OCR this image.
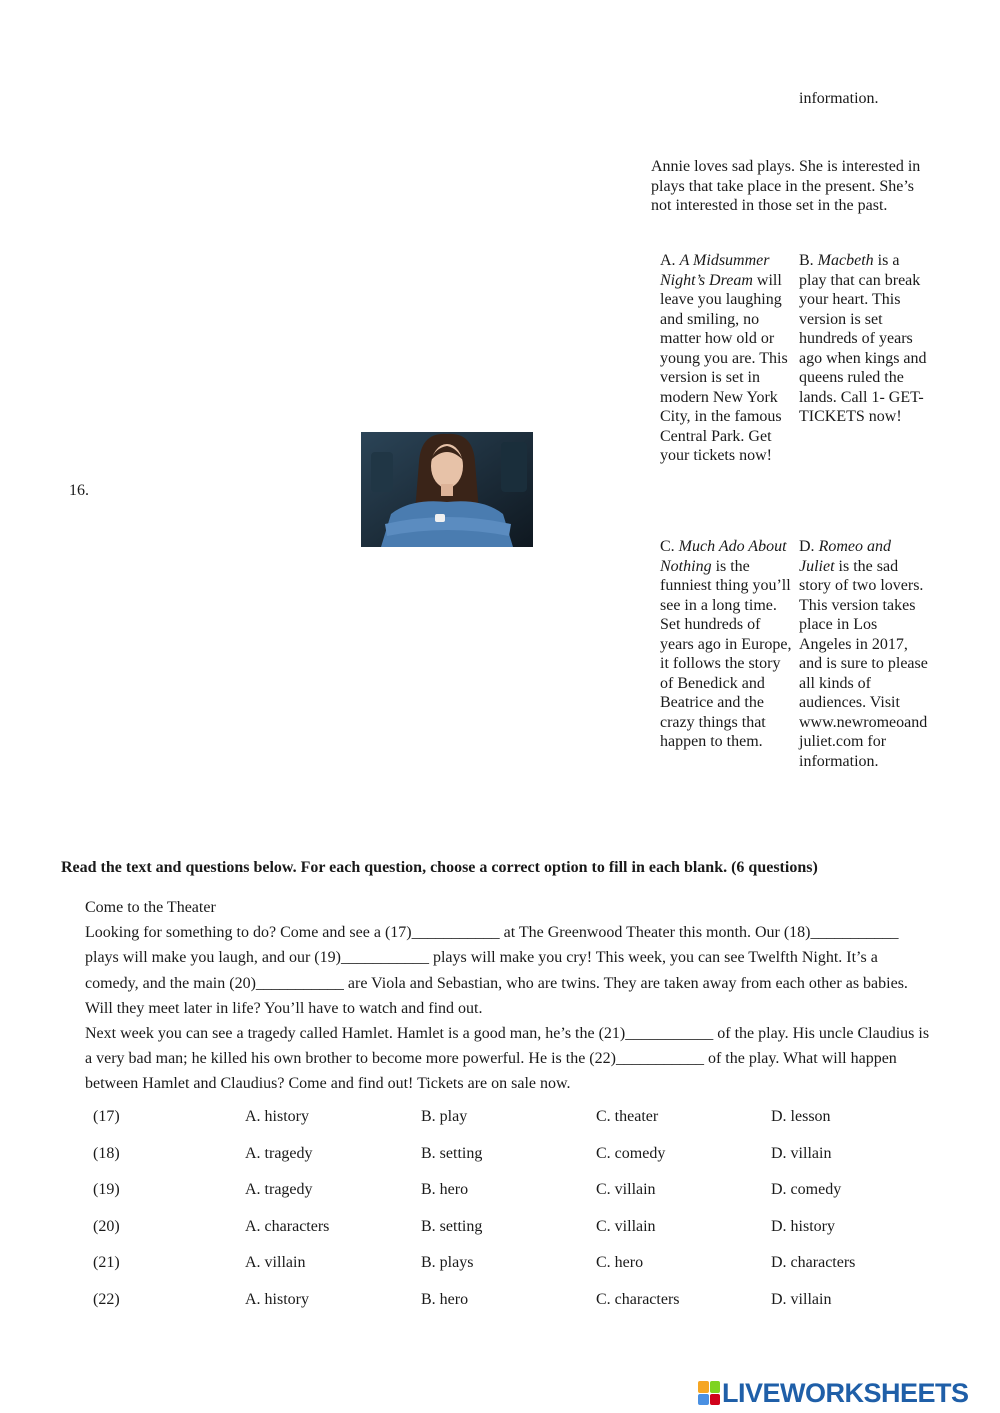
information.
Annie loves sad plays. She is interested in plays that take place in the present. She’s not interested in those set in the past.
16.
A. A Midsummer Night’s Dream will leave you laughing and smiling, no matter how old or young you are. This version is set in modern New York City, in the famous Central Park. Get your tickets now!
B. Macbeth is a play that can break your heart. This version is set hundreds of years ago when kings and queens ruled the lands. Call 1- GET-TICKETS now!
C. Much Ado About Nothing is the funniest thing you’ll see in a long time. Set hundreds of years ago in Europe, it follows the story of Benedick and Beatrice and the crazy things that happen to them.
D. Romeo and Juliet is the sad story of two lovers. This version takes place in Los Angeles in 2017, and is sure to please all kinds of audiences. Visit www.newromeoandjuliet.com for information.
Read the text and questions below. For each question, choose a correct option to fill in each blank. (6 questions)
Come to the Theater
Looking for something to do? Come and see a (17)___________ at The Greenwood Theater this month. Our (18)___________ plays will make you laugh, and our (19)___________ plays will make you cry! This week, you can see Twelfth Night. It’s a comedy, and the main (20)___________ are Viola and Sebastian, who are twins. They are taken away from each other as babies. Will they meet later in life? You’ll have to watch and find out.
Next week you can see a tragedy called Hamlet. Hamlet is a good man, he’s the (21)___________ of the play. His uncle Claudius is a very bad man; he killed his own brother to become more powerful. He is the (22)___________ of the play. What will happen between Hamlet and Claudius? Come and find out! Tickets are on sale now.
(17)	A. history	B. play	C. theater	D. lesson
(18)	A. tragedy	B. setting	C. comedy	D. villain
(19)	A. tragedy	B. hero	C. villain	D. comedy
(20)	A. characters	B. setting	C. villain	D. history
(21)	A. villain	B. plays	C. hero	D. characters
(22)	A. history	B. hero	C. characters	D. villain
LIVEWORKSHEETS
